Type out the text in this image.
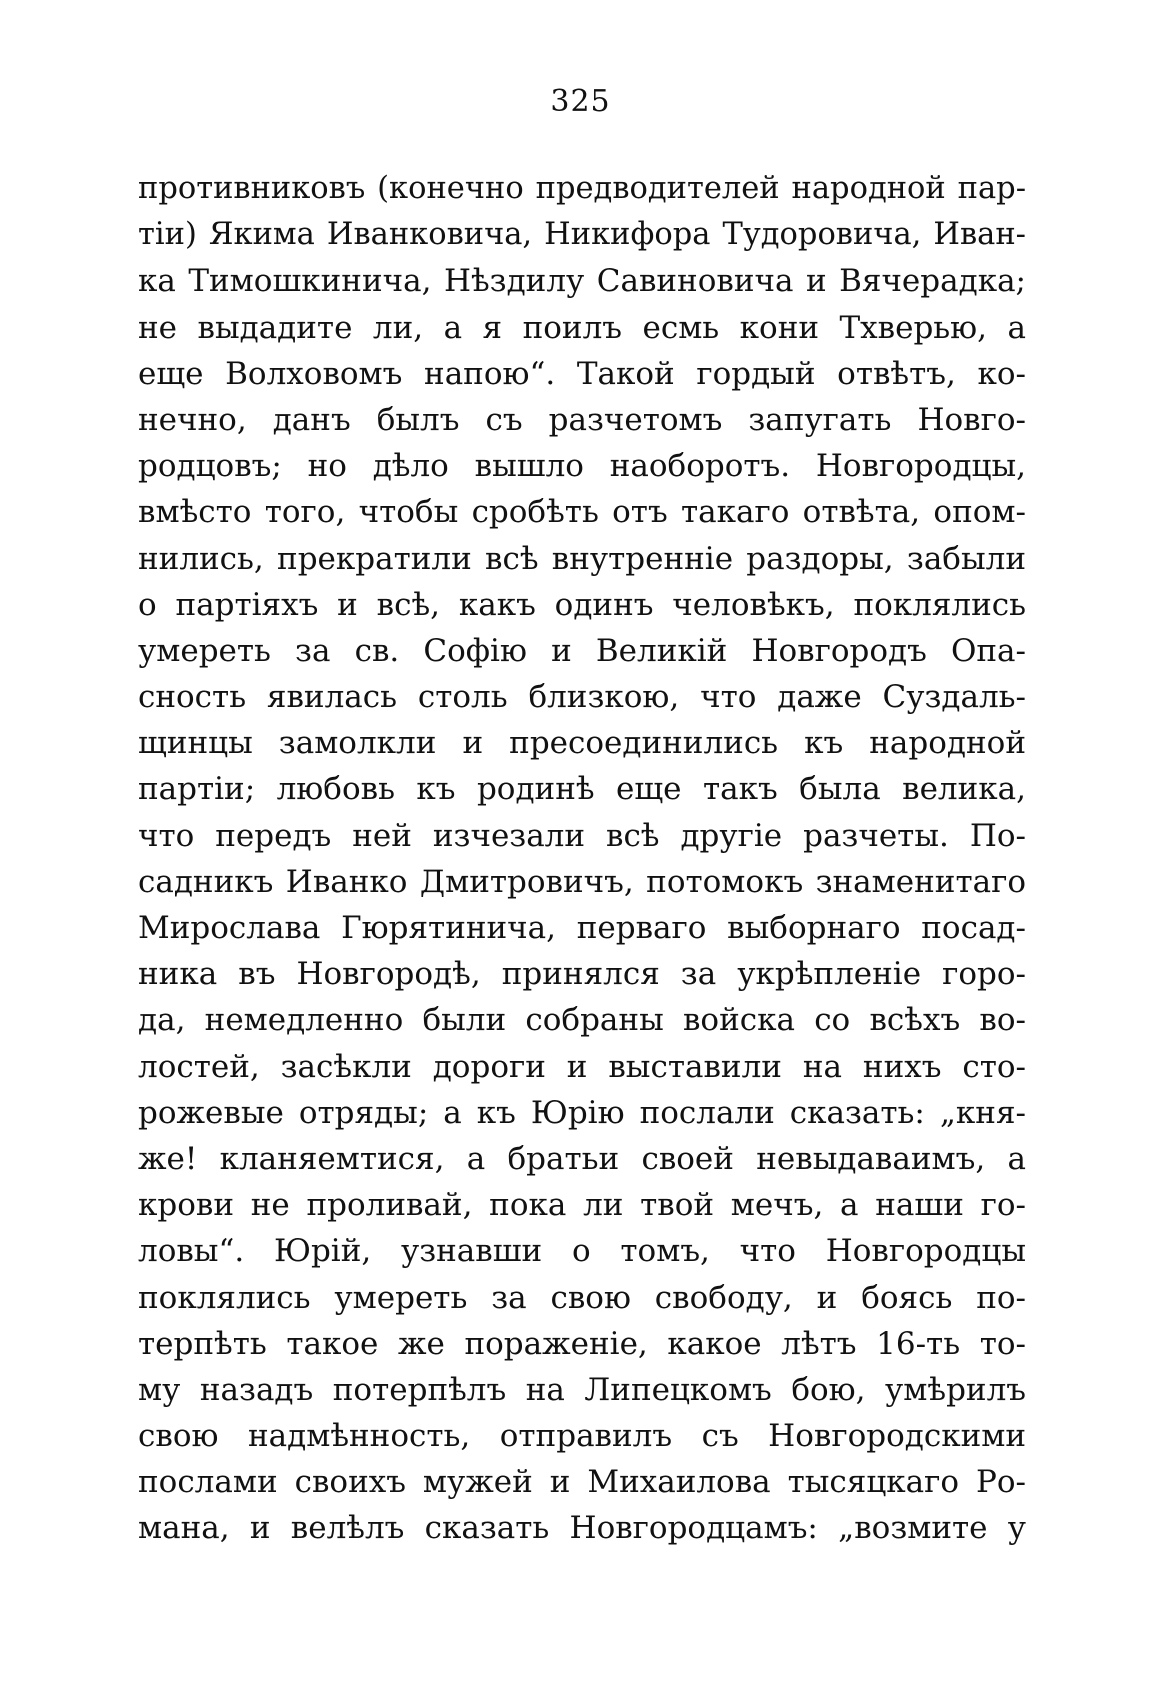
325
противниковъ (конечно предводителей народной пар-
тіи) Якима Иванковича, Никифора Тудоровича, Иван-
ка Тимошкинича, Нѣздилу Савиновича и Вячерадка;
не выдадите ли, а я поилъ есмь кони Тхверью, а
еще Волховомъ напою“. Такой гордый отвѣтъ, ко-
нечно, данъ былъ съ разчетомъ запугать Новго-
родцовъ; но дѣло вышло наоборотъ. Новгородцы,
вмѣсто того, чтобы сробѣть отъ такаго отвѣта, опом-
нились, прекратили всѣ внутренніе раздоры, забыли
о партіяхъ и всѣ, какъ одинъ человѣкъ, поклялись
умереть за св. Софію и Великій Новгородъ Опа-
сность явилась столь близкою, что даже Суздаль-
щинцы замолкли и пресоединились къ народной
партіи; любовь къ родинѣ еще такъ была велика,
что передъ ней изчезали всѣ другіе разчеты. По-
садникъ Иванко Дмитровичъ, потомокъ знаменитаго
Мирослава Гюрятинича, перваго выборнаго посад-
ника въ Новгородѣ, принялся за укрѣпленіе горо-
да, немедленно были собраны войска со всѣхъ во-
лостей, засѣкли дороги и выставили на нихъ сто-
рожевые отряды; а къ Юрію послали сказать: „кня-
же! кланяемтися, а братьи своей невыдаваимъ, а
крови не проливай, пока ли твой мечъ, а наши го-
ловы“. Юрій, узнавши о томъ, что Новгородцы
поклялись умереть за свою свободу, и боясь по-
терпѣть такое же пораженіе, какое лѣтъ 16-ть то-
му назадъ потерпѣлъ на Липецкомъ бою, умѣрилъ
свою надмѣнность, отправилъ съ Новгородскими
послами своихъ мужей и Михаилова тысяцкаго Ро-
мана, и велѣлъ сказать Новгородцамъ: „возмите у
